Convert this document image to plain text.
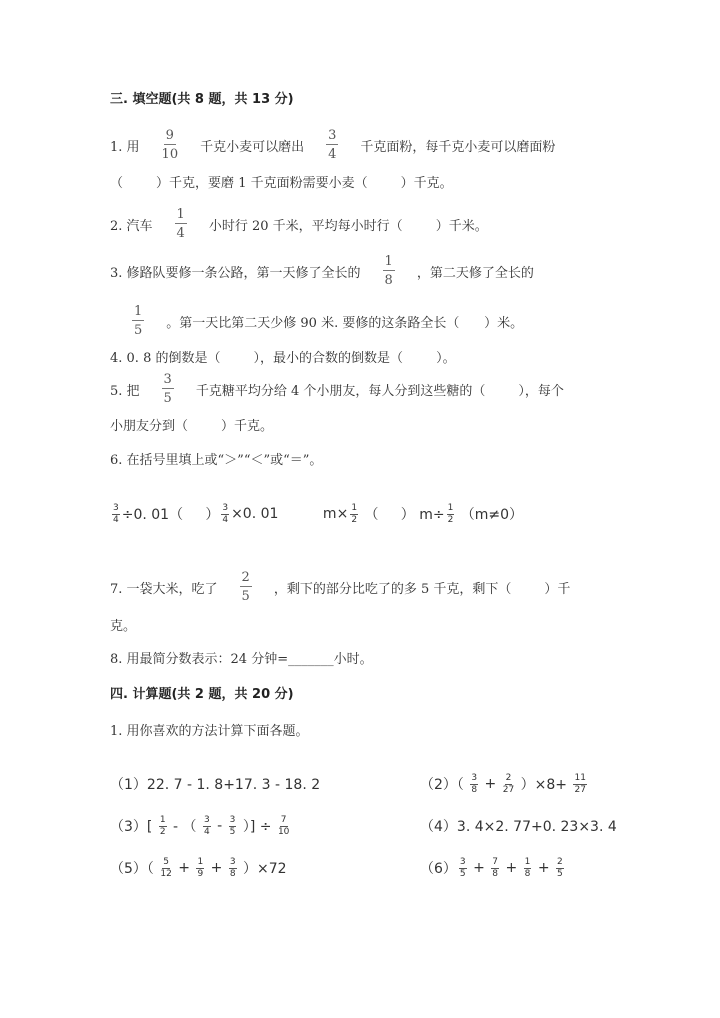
三. 填空题(共 8 题，共 13 分)
1. 用 $\frac{9}{10}$ 千克小麦可以磨出 $\frac{3}{4}$ 千克面粉，每千克小麦可以磨面粉
（        ）千克，要磨 1 千克面粉需要小麦（        ）千克。
2. 汽车 $\frac{1}{4}$ 小时行 20 千米，平均每小时行（        ）千米。
3. 修路队要修一条公路，第一天修了全长的 $\frac{1}{8}$ ，第二天修了全长的
$\frac{1}{5}$ 。第一天比第二天少修 90 米. 要修的这条路全长（      ）米。
4. 0. 8 的倒数是（        ），最小的合数的倒数是（        ）。
5. 把 $\frac{3}{5}$ 千克糖平均分给 4 个小朋友，每人分到这些糖的（        ），每个
小朋友分到（        ）千克。
6. 在括号里填上或“＞”“＜”或“＝”。
$\frac{3}{4} \div 0$. 01（     ） $\frac{3}{4} \times 0$. 01          $m\times \frac{1}{2}$ （     ） $m\div \frac{1}{2} (m\ne 0)$
7. 一袋大米，吃了 $\frac{2}{5}$ ，剩下的部分比吃了的多 5 千克，剩下（        ）千
克。
8. 用最简分数表示：24 分钟=_______小时。
四. 计算题(共 2 题，共 20 分)
1. 用你喜欢的方法计算下面各题。
（1）22. 7 - 1. 8+17. 3 - 18. 2	$(2)( \frac{3}{8} + \frac{2}{27} )\times 8+ \frac{11}{27}$
$(3)[ \frac{1}{2}$ - （ $\frac{3}{4} - \frac{3}{5}$ ）] ÷ $\frac{7}{10}$	（4）3. 4×2. 77+0. 23×3. 4
$(5)( \frac{5}{12} + \frac{1}{9} + \frac{3}{8} )\times 72$	$(6) \frac{3}{5} + \frac{7}{8} + \frac{1}{8} + \frac{2}{5}$
